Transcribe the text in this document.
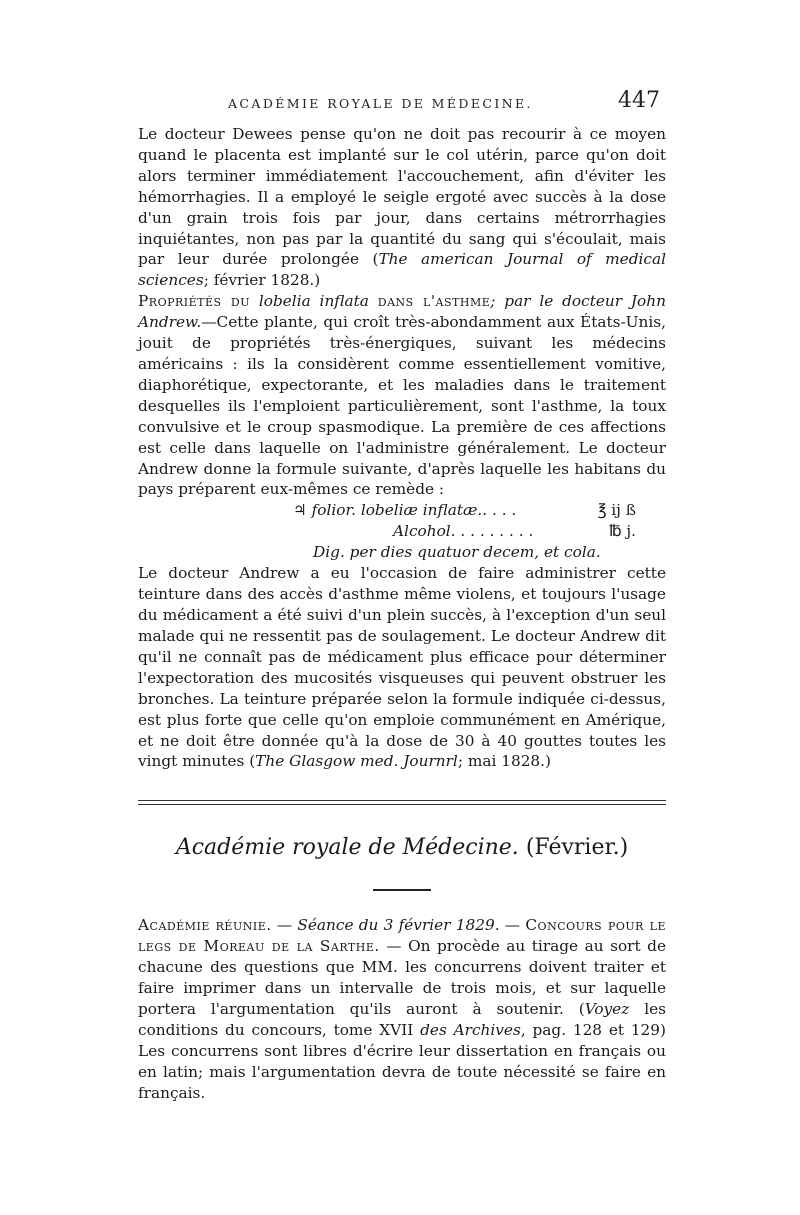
ACADÉMIE ROYALE DE MÉDECINE.	447

Le docteur Dewees pense qu'on ne doit pas recourir à ce moyen quand le placenta est implanté sur le col utérin, parce qu'on doit alors terminer immédiatement l'accouchement, afin d'éviter les hémorrhagies. Il a employé le seigle ergoté avec succès à la dose d'un grain trois fois par jour, dans certains métrorrhagies inquiétantes, non pas par la quantité du sang qui s'écoulait, mais par leur durée prolongée (The american Journal of medical sciences; février 1828.)

Propriétés du lobelia inflata dans l'asthme; par le docteur John Andrew.—Cette plante, qui croît très-abondamment aux États-Unis, jouit de propriétés très-énergiques, suivant les médecins américains : ils la considèrent comme essentiellement vomitive, diaphorétique, expectorante, et les maladies dans le traitement desquelles ils l'emploient particulièrement, sont l'asthme, la toux convulsive et le croup spasmodique. La première de ces affections est celle dans laquelle on l'administre généralement. Le docteur Andrew donne la formule suivante, d'après laquelle les habitans du pays préparent eux-mêmes ce remède :

♃ folior. lobeliæ inflatæ.. . . .	℥ ij ß
Alcohol. . . . . . . . .	℔ j.
Dig. per dies quatuor decem, et cola.

Le docteur Andrew a eu l'occasion de faire administrer cette teinture dans des accès d'asthme même violens, et toujours l'usage du médicament a été suivi d'un plein succès, à l'exception d'un seul malade qui ne ressentit pas de soulagement. Le docteur Andrew dit qu'il ne connaît pas de médicament plus efficace pour déterminer l'expectoration des mucosités visqueuses qui peuvent obstruer les bronches. La teinture préparée selon la formule indiquée ci-dessus, est plus forte que celle qu'on emploie communément en Amérique, et ne doit être donnée qu'à la dose de 30 à 40 gouttes toutes les vingt minutes (The Glasgow med. Journrl; mai 1828.)

Académie royale de Médecine. (Février.)

Académie réunie. — Séance du 3 février 1829. — Concours pour le legs de Moreau de la Sarthe. — On procède au tirage au sort de chacune des questions que MM. les concurrens doivent traiter et faire imprimer dans un intervalle de trois mois, et sur laquelle portera l'argumentation qu'ils auront à soutenir. (Voyez les conditions du concours, tome XVII des Archives, pag. 128 et 129) Les concurrens sont libres d'écrire leur dissertation en français ou en latin; mais l'argumentation devra de toute nécessité se faire en français.
